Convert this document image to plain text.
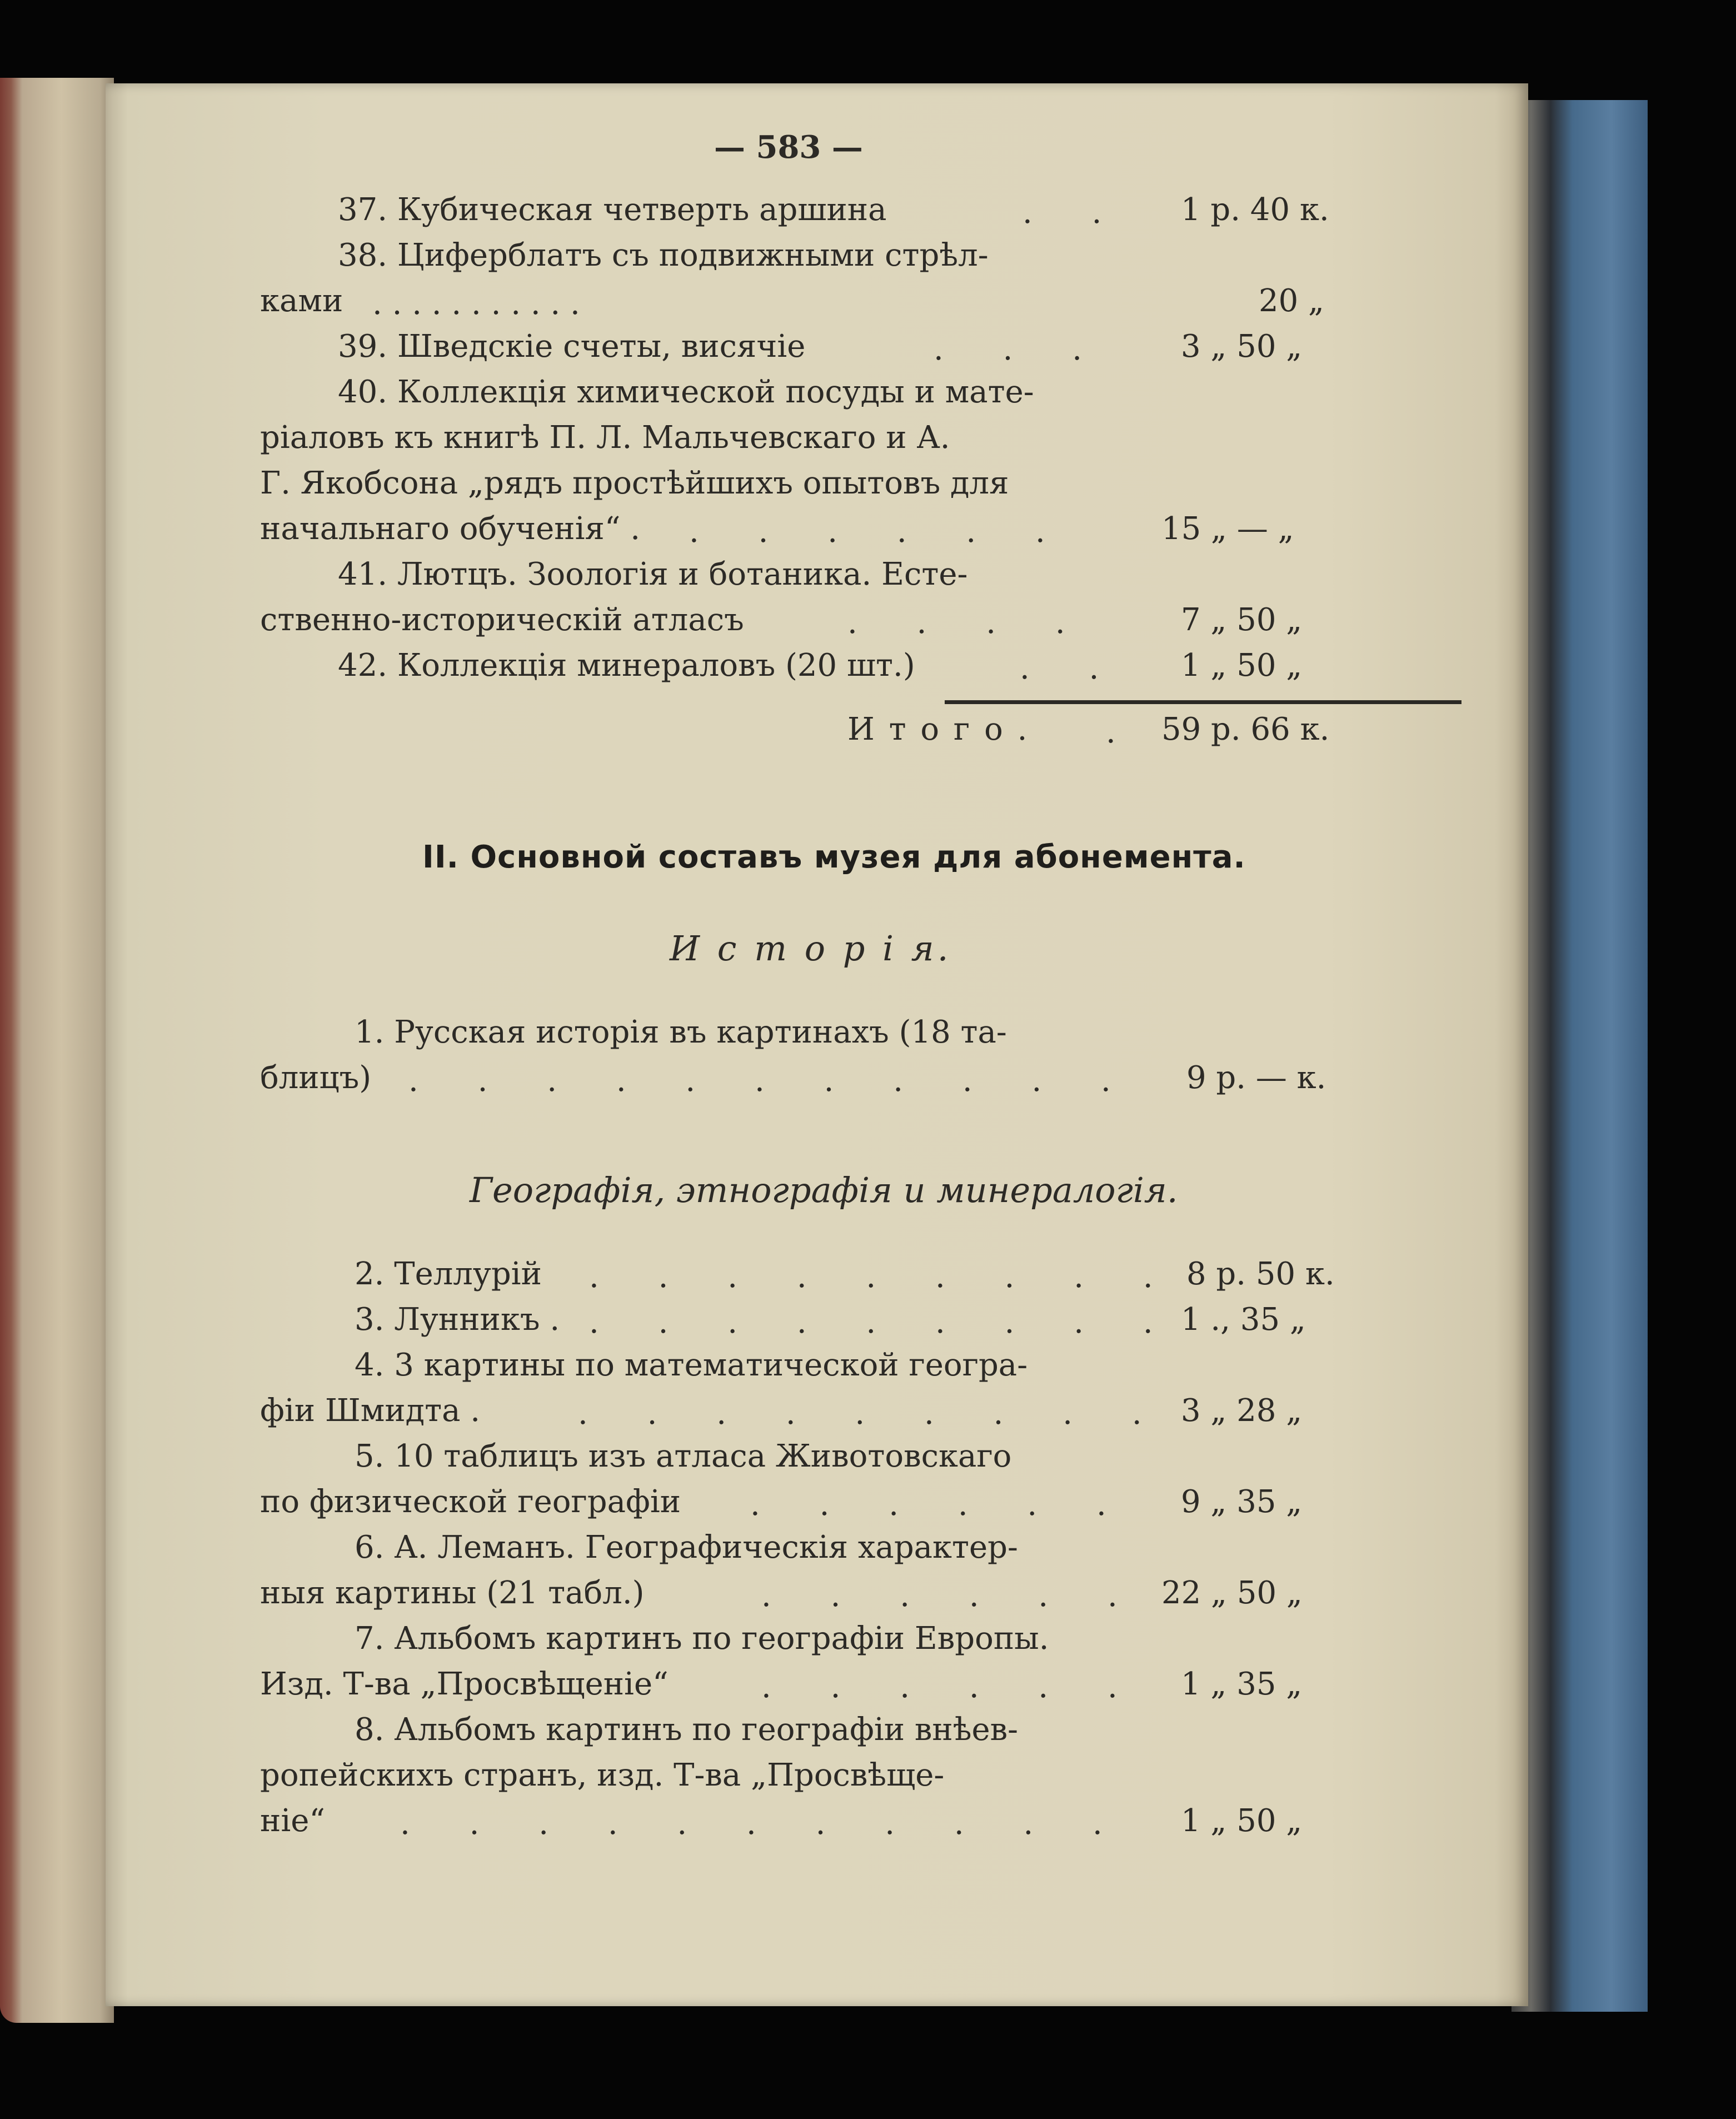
— 583 —
37. Кубическая четверть аршина	.      .	1 р. 40 к.
38. Циферблатъ съ подвижными стрѣл-
ками . . . . . . . . . . .	20 „
39. Шведскіе счеты, висячіе	.      .      .	3 „ 50 „
40. Коллекція химической посуды и мате-
ріаловъ къ книгѣ П. Л. Мальчевскаго и А.
Г. Якобсона „рядъ простѣйшихъ опытовъ для
начальнаго обученія“ . .      .      .      .      .      .	15 „ — „
41. Лютцъ. Зоологія и ботаника. Есте-
ственно-историческій атласъ	.      .      .      .	7 „ 50 „
42. Коллекція минераловъ (20 шт.)	.      .	1 „ 50 „
И т о г о . . 59 р. 66 к.
II. Основной составъ музея для абонемента.
И с т о р і я.
1. Русская исторія въ картинахъ (18 та-
блицъ) .      .      .      .      .      .      .      .      .      .      . 9 р. — к.
Географія, этнографія и минералогія.
2. Теллурій .      .      .      .      .      .      .      .      . 8 р. 50 к.
3. Лунникъ . .      .      .      .      .      .      .      .      . 1 ., 35 „
4. 3 картины по математической геогра-
фіи Шмидта .	.      .      .      .      .      .      .      .      . 3 „ 28 „
5. 10 таблицъ изъ атласа Животовскаго
по физической географіи .      .      .      .      .      . 9 „ 35 „
6. А. Леманъ. Географическія характер-
ныя картины (21 табл.)	.      .      .      .      .      . 22 „ 50 „
7. Альбомъ картинъ по географіи Европы.
Изд. Т-ва „Просвѣщеніе“	.      .      .      .      .      . 1 „ 35 „
8. Альбомъ картинъ по географіи внѣев-
ропейскихъ странъ, изд. Т-ва „Просвѣще-
ніе“ .      .      .      .      .      .      .      .      .      .      .	1 „ 50 „
